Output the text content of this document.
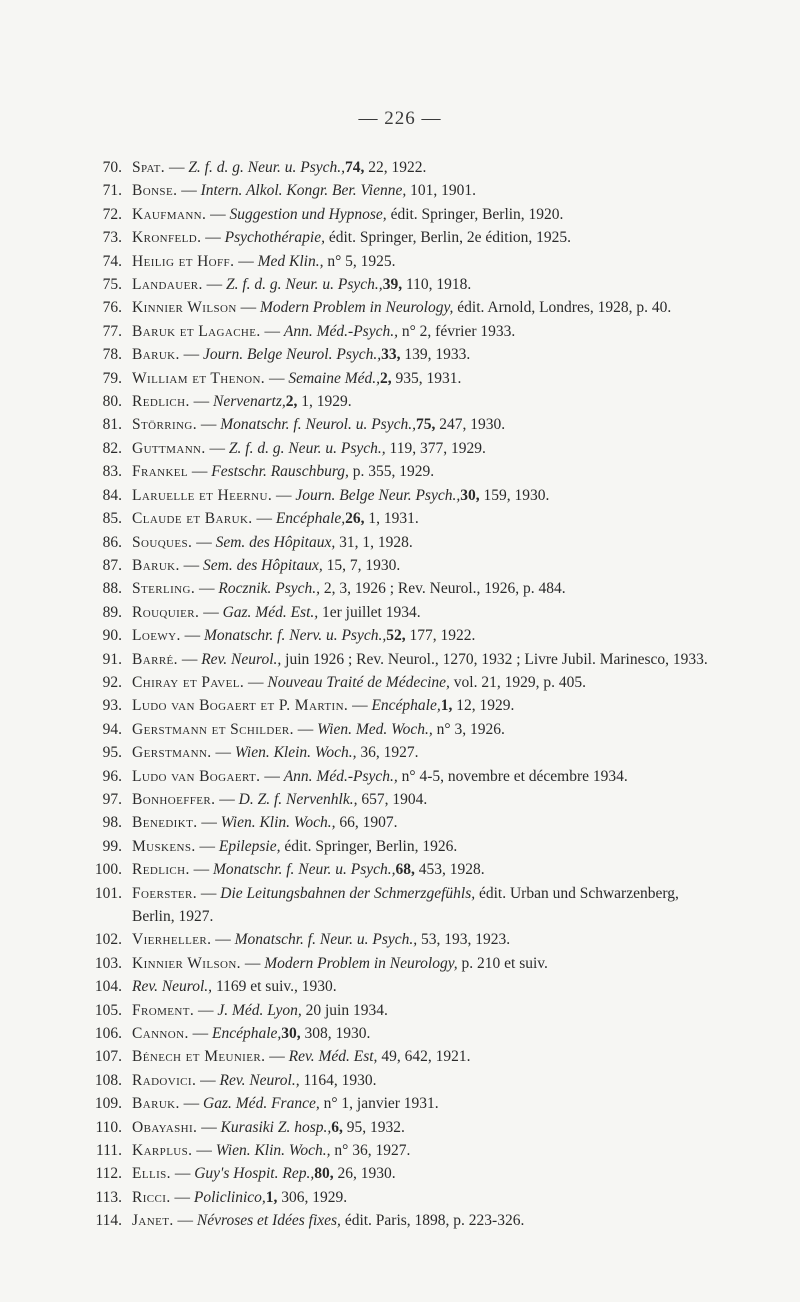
— 226 —
70. Spat. — Z. f. d. g. Neur. u. Psych.,74, 22, 1922.
71. Bonse. — Intern. Alkol. Kongr. Ber. Vienne, 101, 1901.
72. Kaufmann. — Suggestion und Hypnose, édit. Springer, Berlin, 1920.
73. Kronfeld. — Psychothérapie, édit. Springer, Berlin, 2e édition, 1925.
74. Heilig et Hoff. — Med Klin., n° 5, 1925.
75. Landauer. — Z. f. d. g. Neur. u. Psych.,39, 110, 1918.
76. Kinnier Wilson — Modern Problem in Neurology, édit. Arnold, Londres, 1928, p. 40.
77. Baruk et Lagache. — Ann. Méd.-Psych., n° 2, février 1933.
78. Baruk. — Journ. Belge Neurol. Psych.,33, 139, 1933.
79. William et Thenon. — Semaine Méd.,2, 935, 1931.
80. Redlich. — Nervenartz,2, 1, 1929.
81. Störring. — Monatschr. f. Neurol. u. Psych.,75, 247, 1930.
82. Guttmann. — Z. f. d. g. Neur. u. Psych., 119, 377, 1929.
83. Frankel — Festschr. Rauschburg, p. 355, 1929.
84. Laruelle et Heernu. — Journ. Belge Neur. Psych.,30, 159, 1930.
85. Claude et Baruk. — Encéphale,26, 1, 1931.
86. Souques. — Sem. des Hôpitaux, 31, 1, 1928.
87. Baruk. — Sem. des Hôpitaux, 15, 7, 1930.
88. Sterling. — Rocznik. Psych., 2, 3, 1926 ; Rev. Neurol., 1926, p. 484.
89. Rouquier. — Gaz. Méd. Est., 1er juillet 1934.
90. Loewy. — Monatschr. f. Nerv. u. Psych.,52, 177, 1922.
91. Barré. — Rev. Neurol., juin 1926 ; Rev. Neurol., 1270, 1932 ; Livre Jubil. Marinesco, 1933.
92. Chiray et Pavel. — Nouveau Traité de Médecine, vol. 21, 1929, p. 405.
93. Ludo van Bogaert et P. Martin. — Encéphale,1, 12, 1929.
94. Gerstmann et Schilder. — Wien. Med. Woch., n° 3, 1926.
95. Gerstmann. — Wien. Klein. Woch., 36, 1927.
96. Ludo van Bogaert. — Ann. Méd.-Psych., n° 4-5, novembre et décembre 1934.
97. Bonhoeffer. — D. Z. f. Nervenhlk., 657, 1904.
98. Benedikt. — Wien. Klin. Woch., 66, 1907.
99. Muskens. — Epilepsie, édit. Springer, Berlin, 1926.
100. Redlich. — Monatschr. f. Neur. u. Psych.,68, 453, 1928.
101. Foerster. — Die Leitungsbahnen der Schmerzgefühls, édit. Urban und Schwarzenberg, Berlin, 1927.
102. Vierheller. — Monatschr. f. Neur. u. Psych., 53, 193, 1923.
103. Kinnier Wilson. — Modern Problem in Neurology, p. 210 et suiv.
104. Rev. Neurol., 1169 et suiv., 1930.
105. Froment. — J. Méd. Lyon, 20 juin 1934.
106. Cannon. — Encéphale,30, 308, 1930.
107. Bénech et Meunier. — Rev. Méd. Est, 49, 642, 1921.
108. Radovici. — Rev. Neurol., 1164, 1930.
109. Baruk. — Gaz. Méd. France, n° 1, janvier 1931.
110. Obayashi. — Kurasiki Z. hosp.,6, 95, 1932.
111. Karplus. — Wien. Klin. Woch., n° 36, 1927.
112. Ellis. — Guy's Hospit. Rep.,80, 26, 1930.
113. Ricci. — Policlinico,1, 306, 1929.
114. Janet. — Névroses et Idées fixes, édit. Paris, 1898, p. 223-326.
